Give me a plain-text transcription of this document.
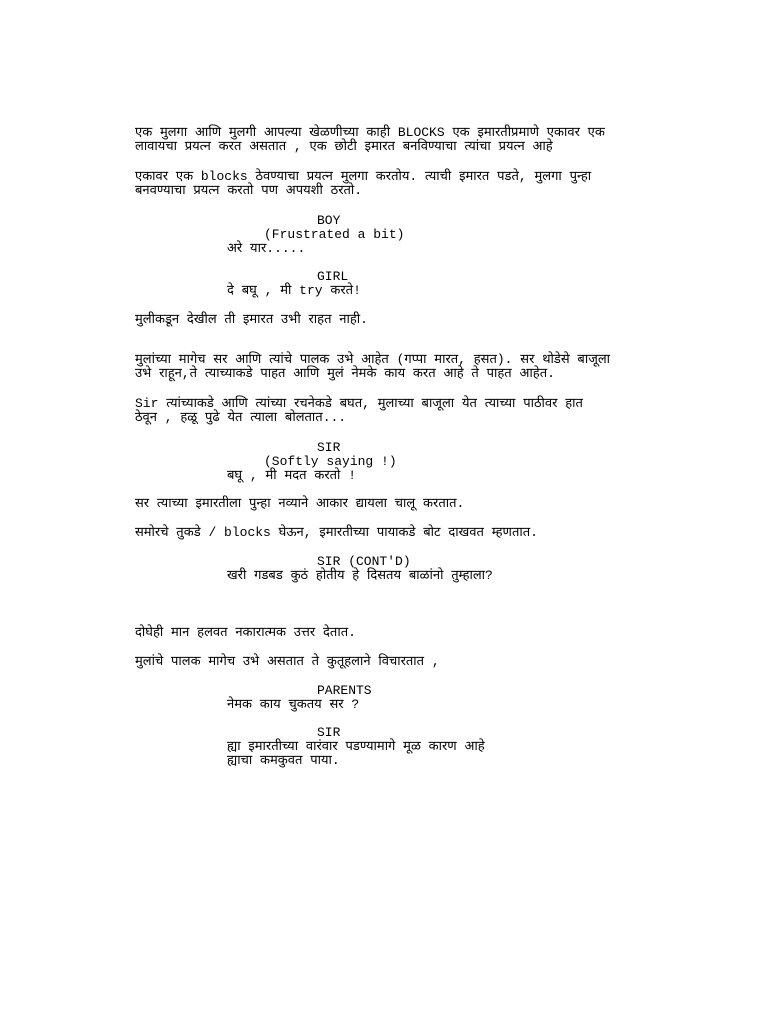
एक मुलगा आणि मुलगी आपल्या खेळणीच्या काही BLOCKS एक इमारतीप्रमाणे एकावर एक
लावायचा प्रयत्न करत असतात , एक छोटी इमारत बनविण्याचा त्यांचा प्रयत्न आहे
एकावर एक blocks ठेवण्याचा प्रयत्न मुलगा करतोय. त्याची इमारत पडते, मुलगा पुन्हा
बनवण्याचा प्रयत्न करतो पण अपयशी ठरतो.
BOY
(Frustrated a bit)
अरे यार.....
GIRL
दे बघू , मी try करते!
मुलीकडून देखील ती इमारत उभी राहत नाही.
मुलांच्या मागेच सर आणि त्यांचे पालक उभे आहेत (गप्पा मारत, हसत). सर थोडेसे बाजूला
उभे राहून,ते त्याच्याकडे पाहत आणि मुलं नेमके काय करत आहे ते पाहत आहेत.
Sir त्यांच्याकडे आणि त्यांच्या रचनेकडे बघत, मुलाच्या बाजूला येत त्याच्या पाठीवर हात
ठेवून , हळू पुढे येत त्याला बोलतात...
SIR
(Softly saying !)
बघू , मी मदत करतो !
सर त्याच्या इमारतीला पुन्हा नव्याने आकार द्यायला चालू करतात.
समोरचे तुकडे / blocks घेऊन, इमारतीच्या पायाकडे बोट दाखवत म्हणतात.
SIR (CONT'D)
खरी गडबड कुठं होतीय हे दिसतय बाळांनो तुम्हाला?
दोघेही मान हलवत नकारात्मक उत्तर देतात.
मुलांचे पालक मागेच उभे असतात ते कुतूहलाने विचारतात ,
PARENTS
नेमक काय चुकतय सर ?
SIR
ह्या इमारतीच्या वारंवार पडण्यामागे मूळ कारण आहे
ह्याचा कमकुवत पाया.
